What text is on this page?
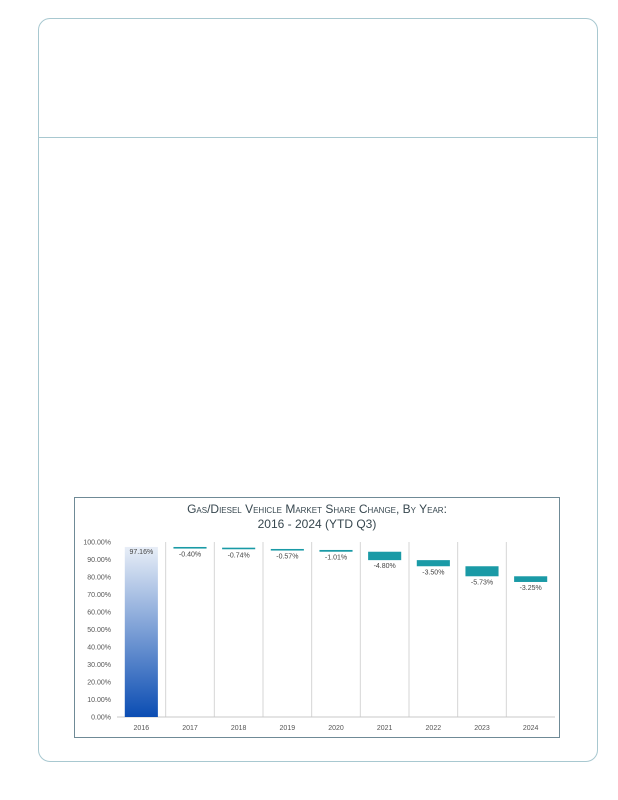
Gas/Diesel Vehicle Market Share Change, By Year:
2016 - 2024 (YTD Q3)
0.00%
10.00%
20.00%
30.00%
40.00%
50.00%
60.00%
70.00%
80.00%
90.00%
100.00%
97.16%
2016
-0.40%
2017
-0.74%
2018
-0.57%
2019
-1.01%
2020
-4.80%
2021
-3.50%
2022
-5.73%
2023
-3.25%
2024
